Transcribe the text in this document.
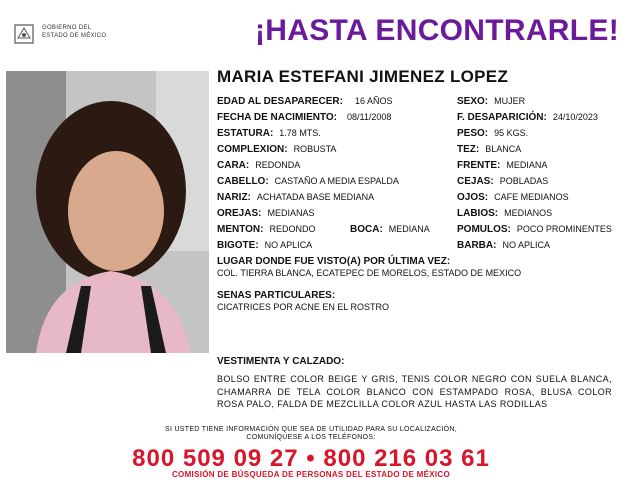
GOBIERNO DEL
ESTADO DE MÉXICO	¡HASTA ENCONTRARLE!
MARIA ESTEFANI JIMENEZ LOPEZ
EDAD AL DESAPARECER: 16 AÑOS
FECHA DE NACIMIENTO: 08/11/2008
ESTATURA: 1.78 MTS.
COMPLEXION: ROBUSTA
CARA: REDONDA
CABELLO: CASTAÑO A MEDIA ESPALDA
NARIZ: ACHATADA BASE MEDIANA
OREJAS: MEDIANAS
MENTON: REDONDO	BOCA: MEDIANA
BIGOTE: NO APLICA
SEXO: MUJER
F. DESAPARICIÓN: 24/10/2023
PESO: 95 KGS.
TEZ: BLANCA
FRENTE: MEDIANA
CEJAS: POBLADAS
OJOS: CAFE MEDIANOS
LABIOS: MEDIANOS
POMULOS: POCO PROMINENTES
BARBA: NO APLICA
LUGAR DONDE FUE VISTO(A) POR ÚLTIMA VEZ:
COL. TIERRA BLANCA, ECATEPEC DE MORELOS, ESTADO DE MEXICO
SENAS PARTICULARES:
CICATRICES POR ACNE EN EL ROSTRO
VESTIMENTA Y CALZADO:
BOLSO ENTRE COLOR BEIGE Y GRIS, TENIS COLOR NEGRO CON SUELA BLANCA, CHAMARRA DE TELA COLOR BLANCO CON ESTAMPADO ROSA, BLUSA COLOR ROSA PALO, FALDA DE MEZCLILLA COLOR AZUL HASTA LAS RODILLAS
SI USTED TIENE INFORMACIÓN QUE SEA DE UTILIDAD PARA SU LOCALIZACIÓN,
COMUNÍQUESE A LOS TELÉFONOS:
800 509 09 27 • 800 216 03 61
COMISIÓN DE BÚSQUEDA DE PERSONAS DEL ESTADO DE MÉXICO
